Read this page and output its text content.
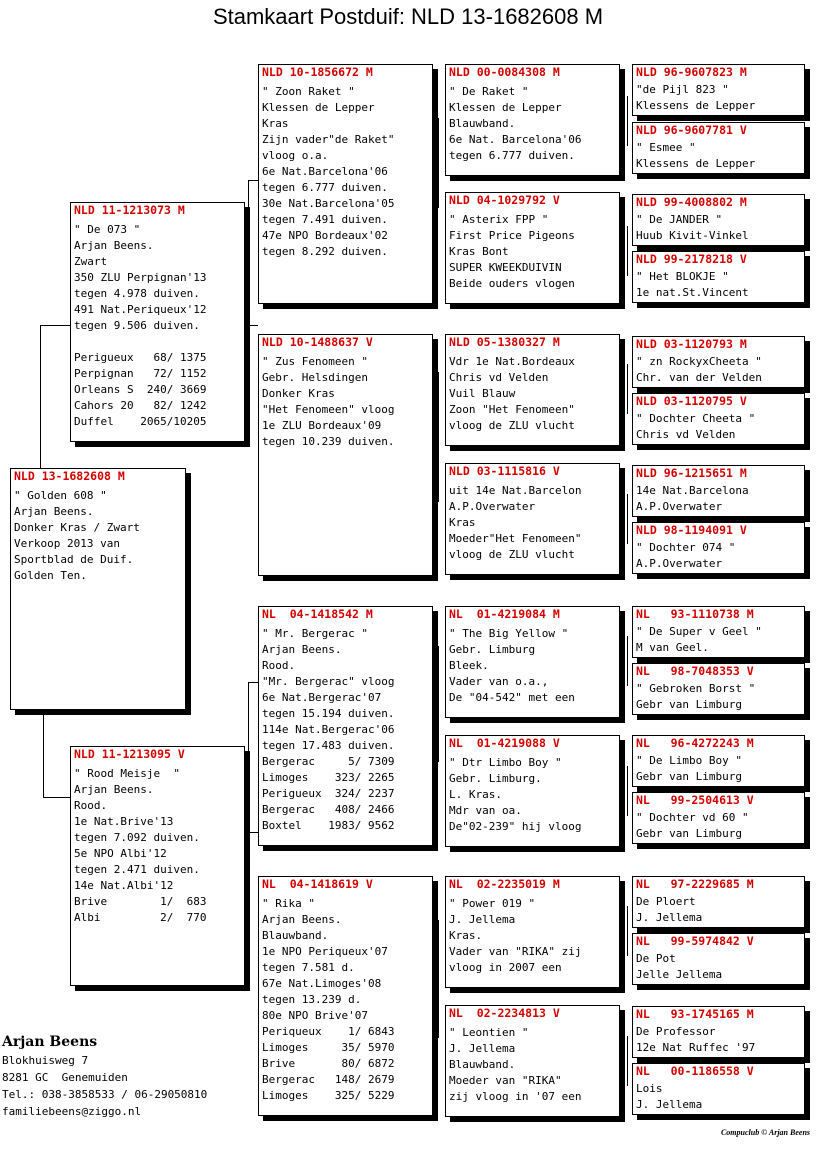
Stamkaart Postduif: NLD 13-1682608 M
NLD 13-1682608 M
" Golden 608 "
Arjan Beens.
Donker Kras / Zwart
Verkoop 2013 van
Sportblad de Duif.
Golden Ten.
NLD 11-1213073 M
" De 073 "
Arjan Beens.
Zwart
350 ZLU Perpignan'13
tegen 4.978 duiven.
491 Nat.Periqueux'12
tegen 9.506 duiven.
Perigueux   68/ 1375
Perpignan   72/ 1152
Orleans S  240/ 3669
Cahors 20   82/ 1242
Duffel    2065/10205
NLD 11-1213095 V
" Rood Meisje  "
Arjan Beens.
Rood.
1e Nat.Brive'13
tegen 7.092 duiven.
5e NPO Albi'12
tegen 2.471 duiven.
14e Nat.Albi'12
Brive        1/  683
Albi         2/  770
NLD 10-1856672 M
" Zoon Raket "
Klessen de Lepper
Kras
Zijn vader"de Raket"
vloog o.a.
6e Nat.Barcelona'06
tegen 6.777 duiven.
30e Nat.Barcelona'05
tegen 7.491 duiven.
47e NPO Bordeaux'02
tegen 8.292 duiven.
NLD 10-1488637 V
" Zus Fenomeen "
Gebr. Helsdingen
Donker Kras
"Het Fenomeen" vloog
1e ZLU Bordeaux'09
tegen 10.239 duiven.
NL  04-1418542 M
" Mr. Bergerac "
Arjan Beens.
Rood.
"Mr. Bergerac" vloog
6e Nat.Bergerac'07
tegen 15.194 duiven.
114e Nat.Bergerac'06
tegen 17.483 duiven.
Bergerac     5/ 7309
Limoges    323/ 2265
Perigueux  324/ 2237
Bergerac   408/ 2466
Boxtel    1983/ 9562
NL  04-1418619 V
" Rika "
Arjan Beens.
Blauwband.
1e NPO Periqueux'07
tegen 7.581 d.
67e Nat.Limoges'08
tegen 13.239 d.
80e NPO Brive'07
Periqueux    1/ 6843
Limoges     35/ 5970
Brive       80/ 6872
Bergerac   148/ 2679
Limoges    325/ 5229
NLD 00-0084308 M
" De Raket "
Klessen de Lepper
Blauwband.
6e Nat. Barcelona'06
tegen 6.777 duiven.
NLD 04-1029792 V
" Asterix FPP "
First Price Pigeons
Kras Bont
SUPER KWEEKDUIVIN
Beide ouders vlogen
NLD 05-1380327 M
Vdr 1e Nat.Bordeaux
Chris vd Velden
Vuil Blauw
Zoon "Het Fenomeen"
vloog de ZLU vlucht
NLD 03-1115816 V
uit 14e Nat.Barcelon
A.P.Overwater
Kras
Moeder"Het Fenomeen"
vloog de ZLU vlucht
NL  01-4219084 M
" The Big Yellow "
Gebr. Limburg
Bleek.
Vader van o.a.,
De "04-542" met een
NL  01-4219088 V
" Dtr Limbo Boy "
Gebr. Limburg.
L. Kras.
Mdr van oa.
De"02-239" hij vloog
NL  02-2235019 M
" Power 019 "
J. Jellema
Kras.
Vader van "RIKA" zij
vloog in 2007 een
NL  02-2234813 V
" Leontien "
J. Jellema
Blauwband.
Moeder van "RIKA"
zij vloog in '07 een
NLD 96-9607823 M
"de Pijl 823 "
Klessens de Lepper
NLD 96-9607781 V
" Esmee "
Klessens de Lepper
NLD 99-4008802 M
" De JANDER "
Huub Kivit-Vinkel
NLD 99-2178218 V
" Het BLOKJE "
1e nat.St.Vincent
NLD 03-1120793 M
" zn RockyxCheeta "
Chr. van der Velden
NLD 03-1120795 V
" Dochter Cheeta "
Chris vd Velden
NLD 96-1215651 M
14e Nat.Barcelona
A.P.Overwater
NLD 98-1194091 V
" Dochter 074 "
A.P.Overwater
NL   93-1110738 M
" De Super v Geel "
M van Geel.
NL   98-7048353 V
" Gebroken Borst "
Gebr van Limburg
NL   96-4272243 M
" De Limbo Boy "
Gebr van Limburg
NL   99-2504613 V
" Dochter vd 60 "
Gebr van Limburg
NL   97-2229685 M
De Ploert
J. Jellema
NL   99-5974842 V
De Pot
Jelle Jellema
NL   93-1745165 M
De Professor
12e Nat Ruffec '97
NL   00-1186558 V
Lois
J. Jellema
Arjan Beens
Blokhuisweg 7
8281 GC  Genemuiden
Tel.: 038-3858533 / 06-29050810
familiebeens@ziggo.nl
Compuclub © Arjan Beens
